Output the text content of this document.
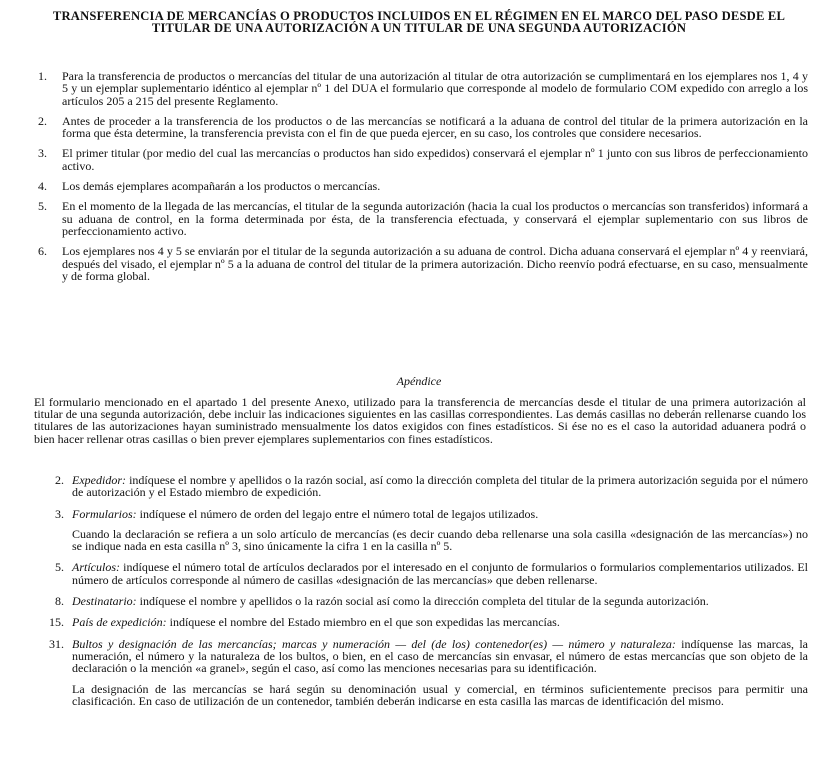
TRANSFERENCIA DE MERCANCÍAS O PRODUCTOS INCLUIDOS EN EL RÉGIMEN EN EL MARCO DEL PASO DESDE EL TITULAR DE UNA AUTORIZACIÓN A UN TITULAR DE UNA SEGUNDA AUTORIZACIÓN
1. Para la transferencia de productos o mercancías del titular de una autorización al titular de otra autorización se cumplimentará en los ejemplares nos 1, 4 y 5 y un ejemplar suplementario idéntico al ejemplar nº 1 del DUA el formulario que corresponde al modelo de formulario COM expedido con arreglo a los artículos 205 a 215 del presente Reglamento.
2. Antes de proceder a la transferencia de los productos o de las mercancías se notificará a la aduana de control del titular de la primera autorización en la forma que ésta determine, la transferencia prevista con el fin de que pueda ejercer, en su caso, los controles que considere necesarios.
3. El primer titular (por medio del cual las mercancías o productos han sido expedidos) conservará el ejemplar nº 1 junto con sus libros de perfeccionamiento activo.
4. Los demás ejemplares acompañarán a los productos o mercancías.
5. En el momento de la llegada de las mercancías, el titular de la segunda autorización (hacia la cual los productos o mercancías son transferidos) informará a su aduana de control, en la forma determinada por ésta, de la transferencia efectuada, y conservará el ejemplar suplementario con sus libros de perfeccionamiento activo.
6. Los ejemplares nos 4 y 5 se enviarán por el titular de la segunda autorización a su aduana de control. Dicha aduana conservará el ejemplar nº 4 y reenviará, después del visado, el ejemplar nº 5 a la aduana de control del titular de la primera autorización. Dicho reenvío podrá efectuarse, en su caso, mensualmente y de forma global.
Apéndice

El formulario mencionado en el apartado 1 del presente Anexo, utilizado para la transferencia de mercancías desde el titular de una primera autorización al titular de una segunda autorización, debe incluir las indicaciones siguientes en las casillas correspondientes. Las demás casillas no deberán rellenarse cuando los titulares de las autorizaciones hayan suministrado mensualmente los datos exigidos con fines estadísticos. Si ése no es el caso la autoridad aduanera podrá o bien hacer rellenar otras casillas o bien prever ejemplares suplementarios con fines estadísticos.

2. Expedidor: indíquese el nombre y apellidos o la razón social, así como la dirección completa del titular de la primera autorización seguida por el número de autorización y el Estado miembro de expedición.
3. Formularios: indíquese el número de orden del legajo entre el número total de legajos utilizados.
Cuando la declaración se refiera a un solo artículo de mercancías (es decir cuando deba rellenarse una sola casilla «designación de las mercancías») no se indique nada en esta casilla nº 3, sino únicamente la cifra 1 en la casilla nº 5.
5. Artículos: indíquese el número total de artículos declarados por el interesado en el conjunto de formularios o formularios complementarios utilizados. El número de artículos corresponde al número de casillas «designación de las mercancías» que deben rellenarse.
8. Destinatario: indíquese el nombre y apellidos o la razón social así como la dirección completa del titular de la segunda autorización.
15. País de expedición: indíquese el nombre del Estado miembro en el que son expedidas las mercancías.
31. Bultos y designación de las mercancías; marcas y numeración — del (de los) contenedor(es) — número y naturaleza: indíquense las marcas, la numeración, el número y la naturaleza de los bultos, o bien, en el caso de mercancías sin envasar, el número de estas mercancías que son objeto de la declaración o la mención «a granel», según el caso, así como las menciones necesarias para su identificación.
La designación de las mercancías se hará según su denominación usual y comercial, en términos suficientemente precisos para permitir una clasificación. En caso de utilización de un contenedor, también deberán indicarse en esta casilla las marcas de identificación del mismo.
